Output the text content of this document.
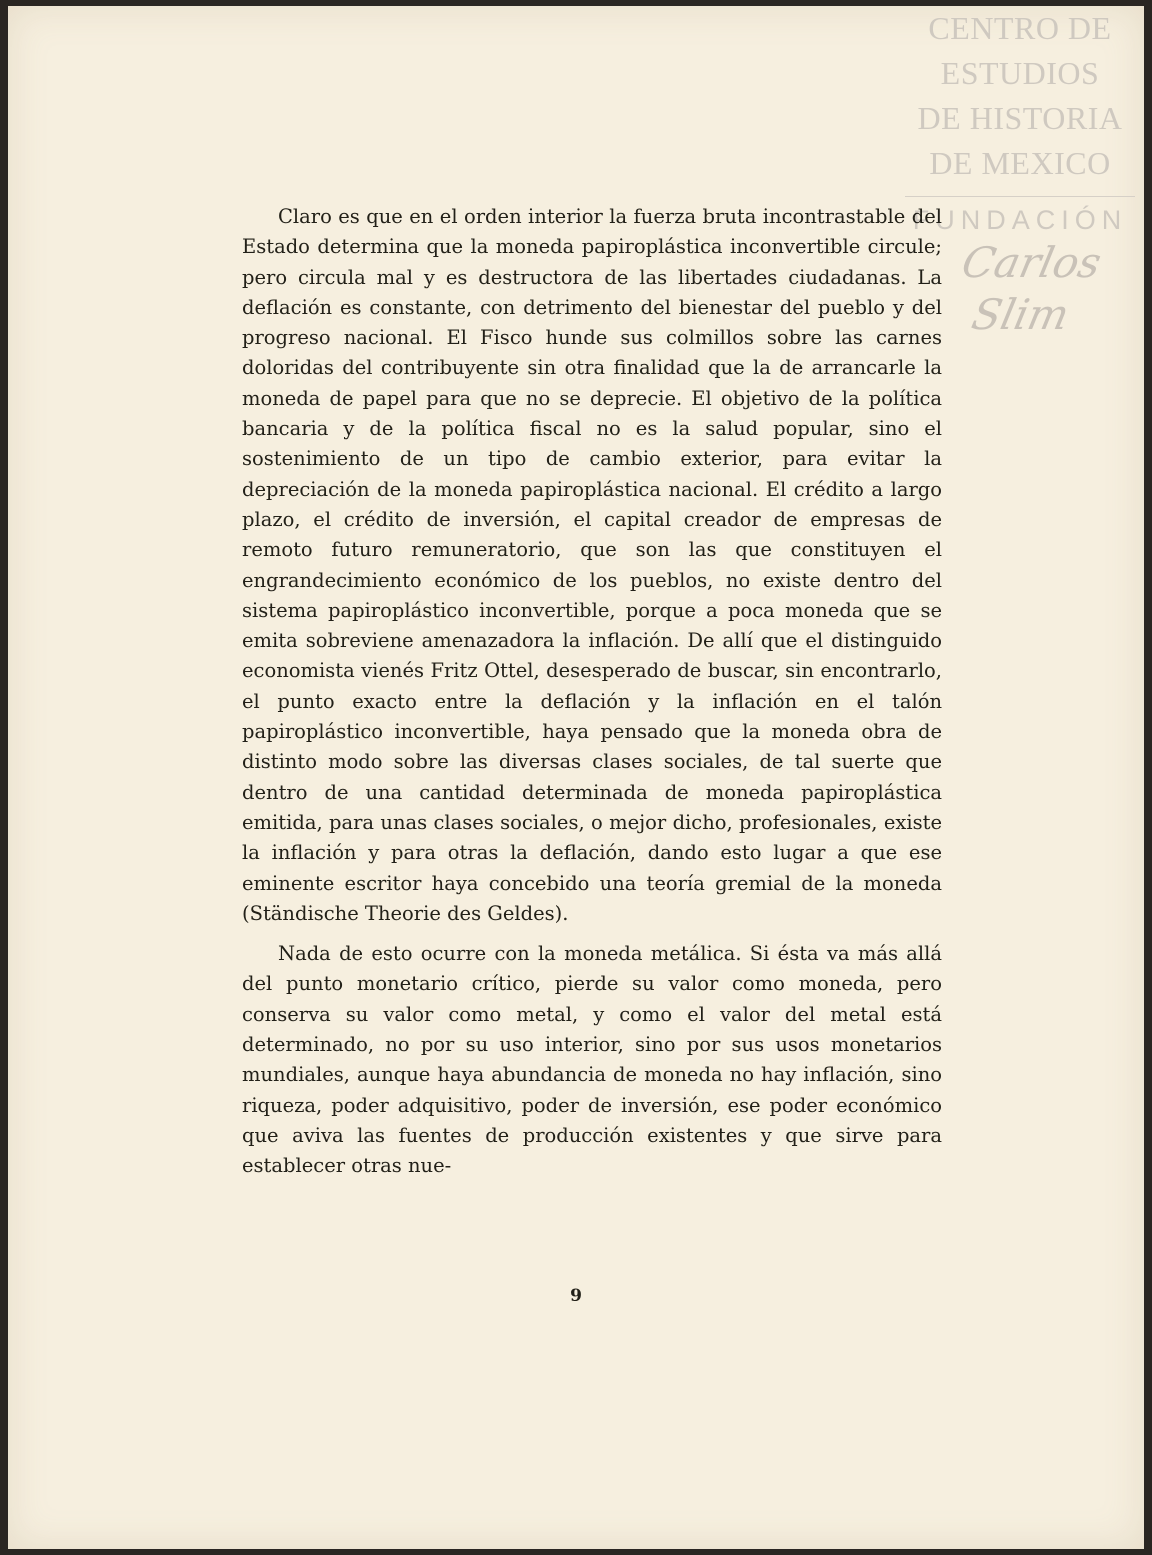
CENTRO DE
ESTUDIOS
DE HISTORIA
DE MEXICO
FUNDACIÓN
Carlos Slim

Claro es que en el orden interior la fuerza bruta incontrastable del Estado determina que la moneda papiroplástica inconvertible circule; pero circula mal y es destructora de las libertades ciudadanas. La deflación es constante, con detrimento del bienestar del pueblo y del progreso nacional. El Fisco hunde sus colmillos sobre las carnes doloridas del contribuyente sin otra finalidad que la de arrancarle la moneda de papel para que no se deprecie. El objetivo de la política bancaria y de la política fiscal no es la salud popular, sino el sostenimiento de un tipo de cambio exterior, para evitar la depreciación de la moneda papiroplástica nacional. El crédito a largo plazo, el crédito de inversión, el capital creador de empresas de remoto futuro remuneratorio, que son las que constituyen el engrandecimiento económico de los pueblos, no existe dentro del sistema papiroplástico inconvertible, porque a poca moneda que se emita sobreviene amenazadora la inflación. De allí que el distinguido economista vienés Fritz Ottel, desesperado de buscar, sin encontrarlo, el punto exacto entre la deflación y la inflación en el talón papiroplástico inconvertible, haya pensado que la moneda obra de distinto modo sobre las diversas clases sociales, de tal suerte que dentro de una cantidad determinada de moneda papiroplástica emitida, para unas clases sociales, o mejor dicho, profesionales, existe la inflación y para otras la deflación, dando esto lugar a que ese eminente escritor haya concebido una teoría gremial de la moneda (Ständische Theorie des Geldes).

Nada de esto ocurre con la moneda metálica. Si ésta va más allá del punto monetario crítico, pierde su valor como moneda, pero conserva su valor como metal, y como el valor del metal está determinado, no por su uso interior, sino por sus usos monetarios mundiales, aunque haya abundancia de moneda no hay inflación, sino riqueza, poder adquisitivo, poder de inversión, ese poder económico que aviva las fuentes de producción existentes y que sirve para establecer otras nue-

9
